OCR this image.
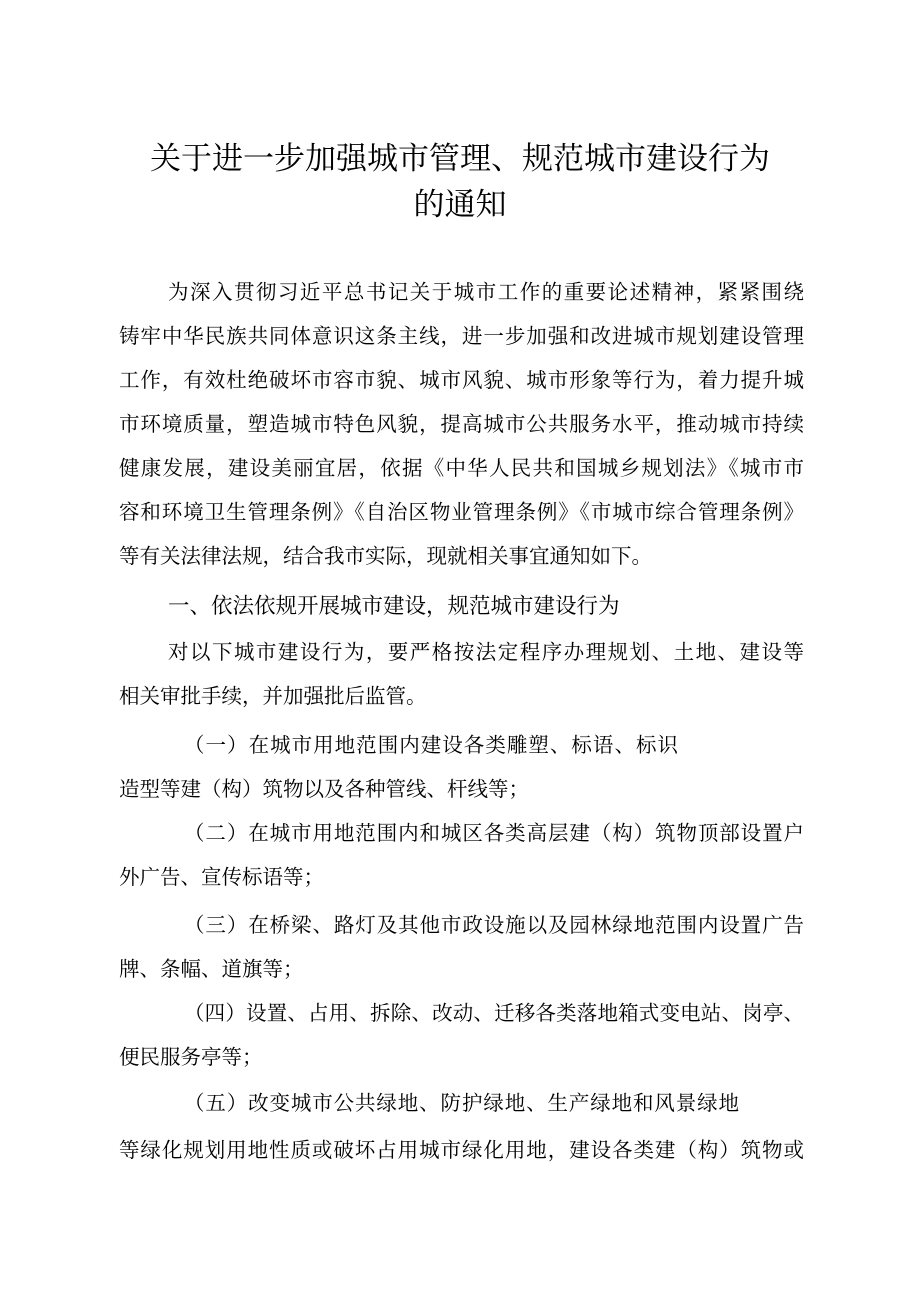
关于进一步加强城市管理、规范城市建设行为
的通知
为深入贯彻习近平总书记关于城市工作的重要论述精神，紧紧围绕
铸牢中华民族共同体意识这条主线，进一步加强和改进城市规划建设管理
工作，有效杜绝破坏市容市貌、城市风貌、城市形象等行为，着力提升城
市环境质量，塑造城市特色风貌，提高城市公共服务水平，推动城市持续
健康发展，建设美丽宜居，依据《中华人民共和国城乡规划法》《城市市
容和环境卫生管理条例》《自治区物业管理条例》《市城市综合管理条例》
等有关法律法规，结合我市实际，现就相关事宜通知如下。
一、依法依规开展城市建设，规范城市建设行为
对以下城市建设行为，要严格按法定程序办理规划、土地、建设等
相关审批手续，并加强批后监管。
（一）在城市用地范围内建设各类雕塑、标语、标识
造型等建（构）筑物以及各种管线、杆线等；
（二）在城市用地范围内和城区各类高层建（构）筑物顶部设置户
外广告、宣传标语等；
（三）在桥梁、路灯及其他市政设施以及园林绿地范围内设置广告
牌、条幅、道旗等；
（四）设置、占用、拆除、改动、迁移各类落地箱式变电站、岗亭、
便民服务亭等；
（五）改变城市公共绿地、防护绿地、生产绿地和风景绿地
等绿化规划用地性质或破坏占用城市绿化用地，建设各类建（构）筑物或
